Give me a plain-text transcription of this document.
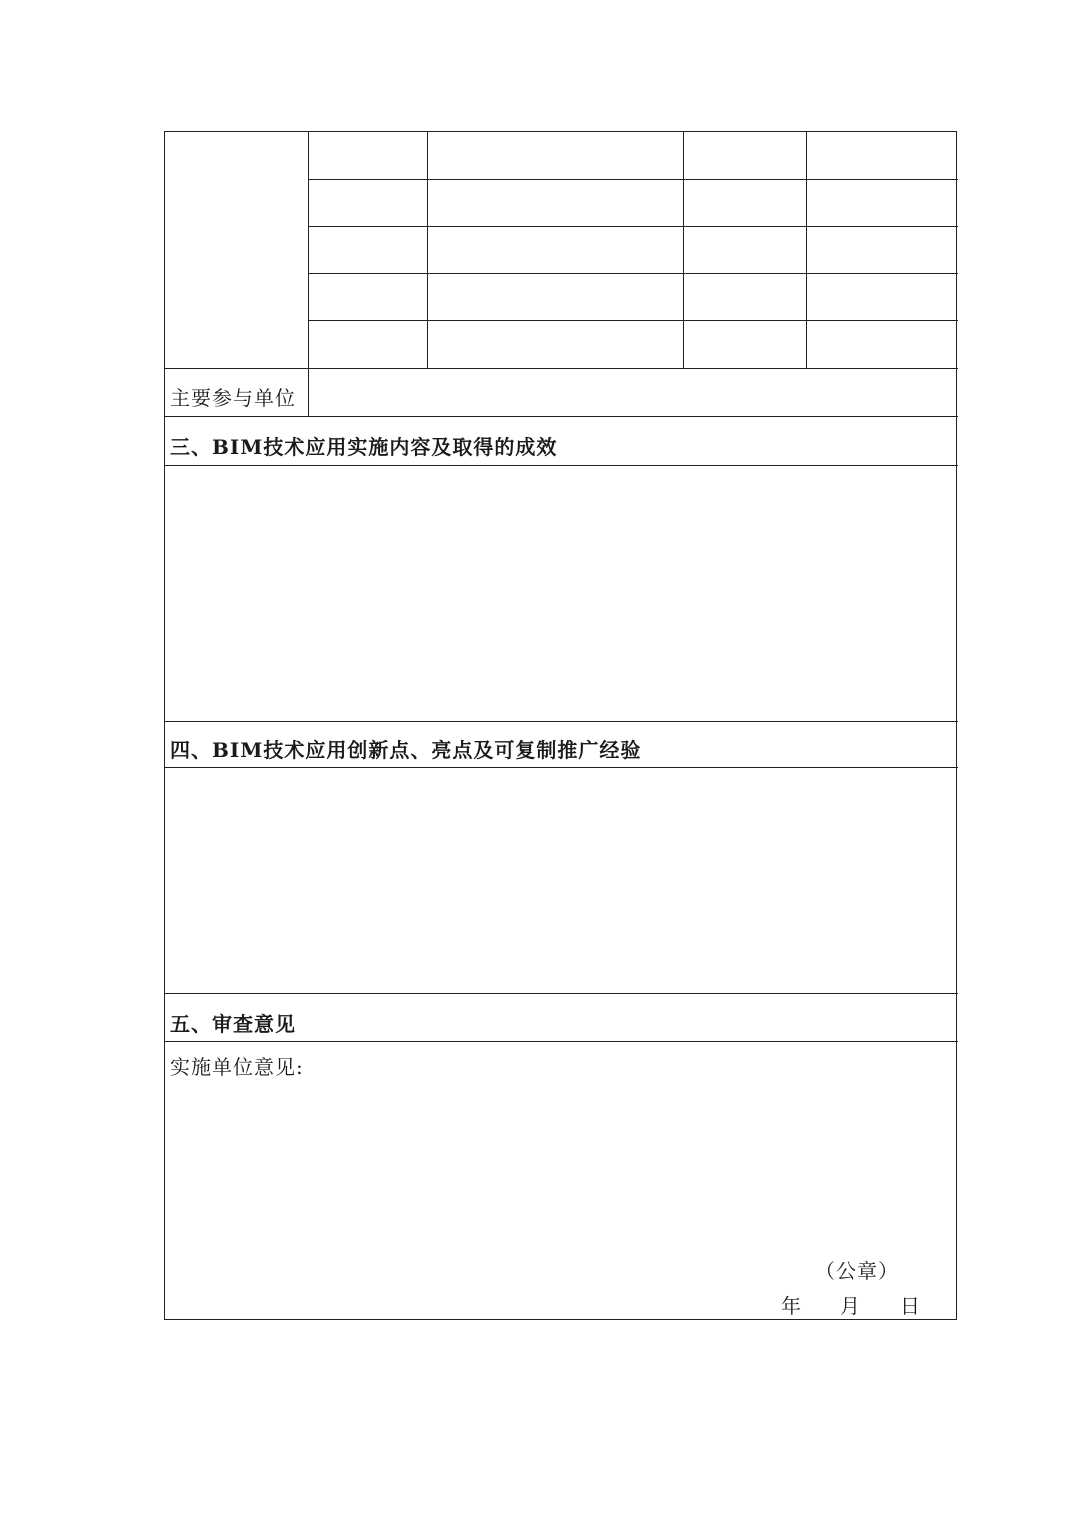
主要参与单位
三、BIM技术应用实施内容及取得的成效
四、BIM技术应用创新点、亮点及可复制推广经验
五、审查意见
实施单位意见:
（公章）
年 月 日
